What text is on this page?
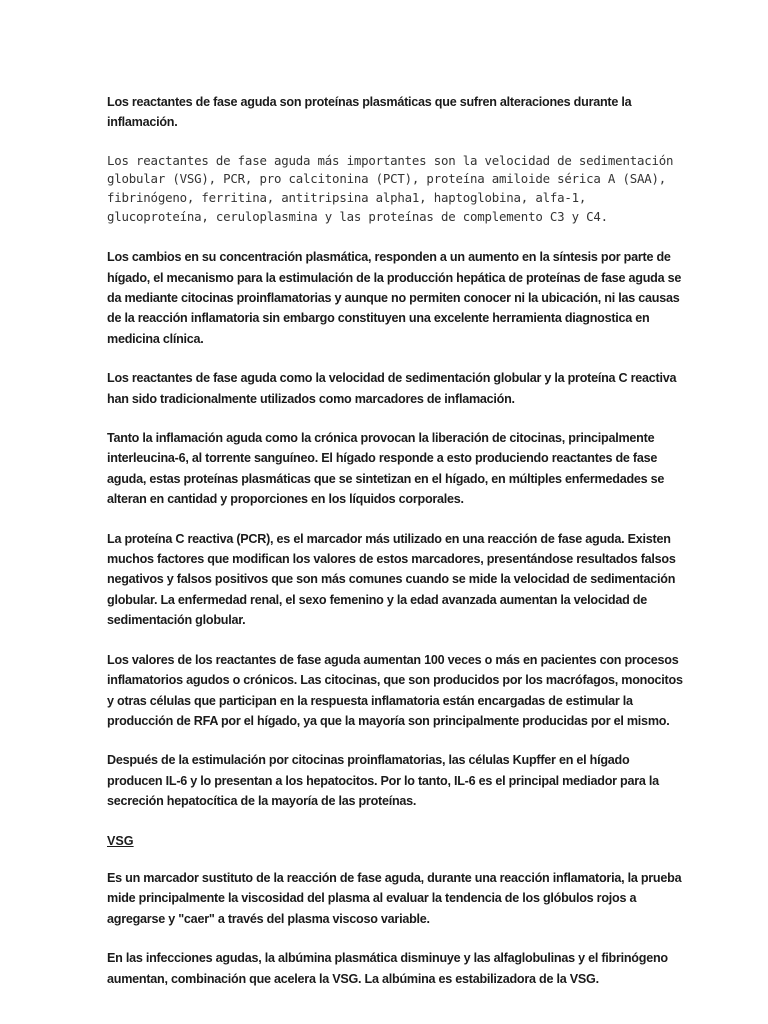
Los reactantes de fase aguda son proteínas plasmáticas que sufren alteraciones durante la inflamación.

Los reactantes de fase aguda más importantes son la velocidad de sedimentación globular (VSG), PCR, pro calcitonina (PCT), proteína amiloide sérica A (SAA), fibrinógeno, ferritina, antitripsina alpha1, haptoglobina, alfa-1, glucoproteína, ceruloplasmina y las proteínas de complemento C3 y C4.

Los cambios en su concentración plasmática, responden a un aumento en la síntesis por parte de hígado, el mecanismo para la estimulación de la producción hepática de proteínas de fase aguda se da mediante citocinas proinflamatorias y aunque no permiten conocer ni la ubicación, ni las causas de la reacción inflamatoria sin embargo constituyen una excelente herramienta diagnostica en medicina clínica.

Los reactantes de fase aguda como la velocidad de sedimentación globular y la proteína C reactiva han sido tradicionalmente utilizados como marcadores de inflamación.

Tanto la inflamación aguda como la crónica provocan la liberación de citocinas, principalmente interleucina-6, al torrente sanguíneo. El hígado responde a esto produciendo reactantes de fase aguda, estas proteínas plasmáticas que se sintetizan en el hígado, en múltiples enfermedades se alteran en cantidad y proporciones en los líquidos corporales.

La proteína C reactiva (PCR), es el marcador más utilizado en una reacción de fase aguda. Existen muchos factores que modifican los valores de estos marcadores, presentándose resultados falsos negativos y falsos positivos que son más comunes cuando se mide la velocidad de sedimentación globular. La enfermedad renal, el sexo femenino y la edad avanzada aumentan la velocidad de sedimentación globular.

Los valores de los reactantes de fase aguda aumentan 100 veces o más en pacientes con procesos inflamatorios agudos o crónicos. Las citocinas, que son producidos por los macrófagos, monocitos y otras células que participan en la respuesta inflamatoria están encargadas de estimular la producción de RFA por el hígado, ya que la mayoría son principalmente producidas por el mismo.

Después de la estimulación por citocinas proinflamatorias, las células Kupffer en el hígado producen IL-6 y lo presentan a los hepatocitos. Por lo tanto, IL-6 es el principal mediador para la secreción hepatocítica de la mayoría de las proteínas.

VSG

Es un marcador sustituto de la reacción de fase aguda, durante una reacción inflamatoria, la prueba mide principalmente la viscosidad del plasma al evaluar la tendencia de los glóbulos rojos a agregarse y "caer" a través del plasma viscoso variable.

En las infecciones agudas, la albúmina plasmática disminuye y las alfaglobulinas y el fibrinógeno aumentan, combinación que acelera la VSG. La albúmina es estabilizadora de la VSG.
